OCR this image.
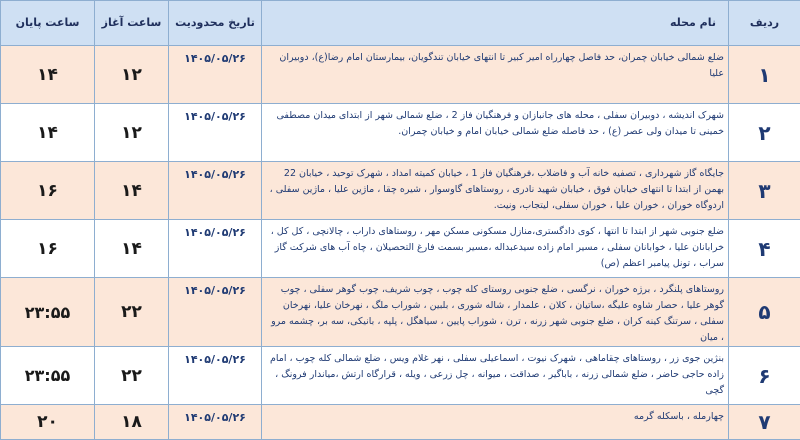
ردیف	نام محله	تاریخ محدودیت	ساعت آغاز	ساعت پایان
۱	ضلع شمالی خیابان چمران، حد فاصل چهارراه امیر کبیر تا انتهای خیابان تندگویان، بیمارستان امام رضا(ع)، دوبیران علیا	۱۴۰۵/۰۵/۲۶	۱۲	۱۴
۲	شهرک اندیشه ، دوبیران سفلی ، محله های جانبازان و فرهنگیان فاز 2 ، ضلع شمالی شهر از ابتدای میدان مصطفی خمینی تا میدان ولی عصر (ع) ، حد فاصله ضلع شمالی خیابان امام و خیابان چمران.	۱۴۰۵/۰۵/۲۶	۱۲	۱۴
۳	جایگاه گاز شهرداری ، تصفیه خانه آب و فاضلاب ،فرهنگیان فاز 1 ، خیابان کمیته امداد ، شهرک توحید ، خیابان 22 بهمن از ابتدا تا انتهای خیابان فوق ، خیابان شهید نادری ، روستاهای گاوسوار ، شیره چقا ، ماژین علیا ، ماژین سفلی ، اردوگاه خوران ، خوران علیا ، خوران سفلی، لیتجاب، ونیت.	۱۴۰۵/۰۵/۲۶	۱۴	۱۶
۴	ضلع جنوبی شهر از ابتدا تا انتها ، کوی دادگستری،منازل مسکونی مسکن مهر ، روستاهای داراب ، چالانچی ، کل کل ، خرابانان علیا ، خوابانان سفلی ، مسیر امام زاده سیدعبداله ،مسیر بسمت فارغ التحصیلان ، چاه آب های شرکت گاز سراب ، تونل پیامبر اعظم (ص)	۱۴۰۵/۰۵/۲۶	۱۴	۱۶
۵	روستاهای پلنگرد ، برژه خوران ، نرگسی ، ضلع جنوبی روستای کله چوب ، چوب شریف، چوب گوهر سفلی ، چوب گوهر علیا ، حصار شاوه علیگه ،ساتیان ، کلان ، علمدار ، شاله شوری ، بلبین ، شوراب ملگ ، نهرخان علیا، نهرخان سفلی ، سرتنگ کینه کران ، ضلع جنوبی شهر زرنه ، ترن ، شوراب پایین ، سیاهگل ، پلپه ، بانیکی، سه بر، چشمه مرو ، میان	۱۴۰۵/۰۵/۲۶	۲۲	۲۳:۵۵
۶	بنژین جوی زر ، روستاهای چقاماهی ، شهرک نیوت ، اسماعیلی سفلی ، نهر غلام ویس ، ضلع شمالی کله چوب ، امام زاده حاجی حاضر ، ضلع شمالی زرنه ، باباگیر ، صداقت ، میوانه ، چل زرعی ، ویله ، قرارگاه ارتش ،میاندار فرونگ ، گچی	۱۴۰۵/۰۵/۲۶	۲۲	۲۳:۵۵
۷	چهارمله ، باسکله گرمه	۱۴۰۵/۰۵/۲۶	۱۸	۲۰
